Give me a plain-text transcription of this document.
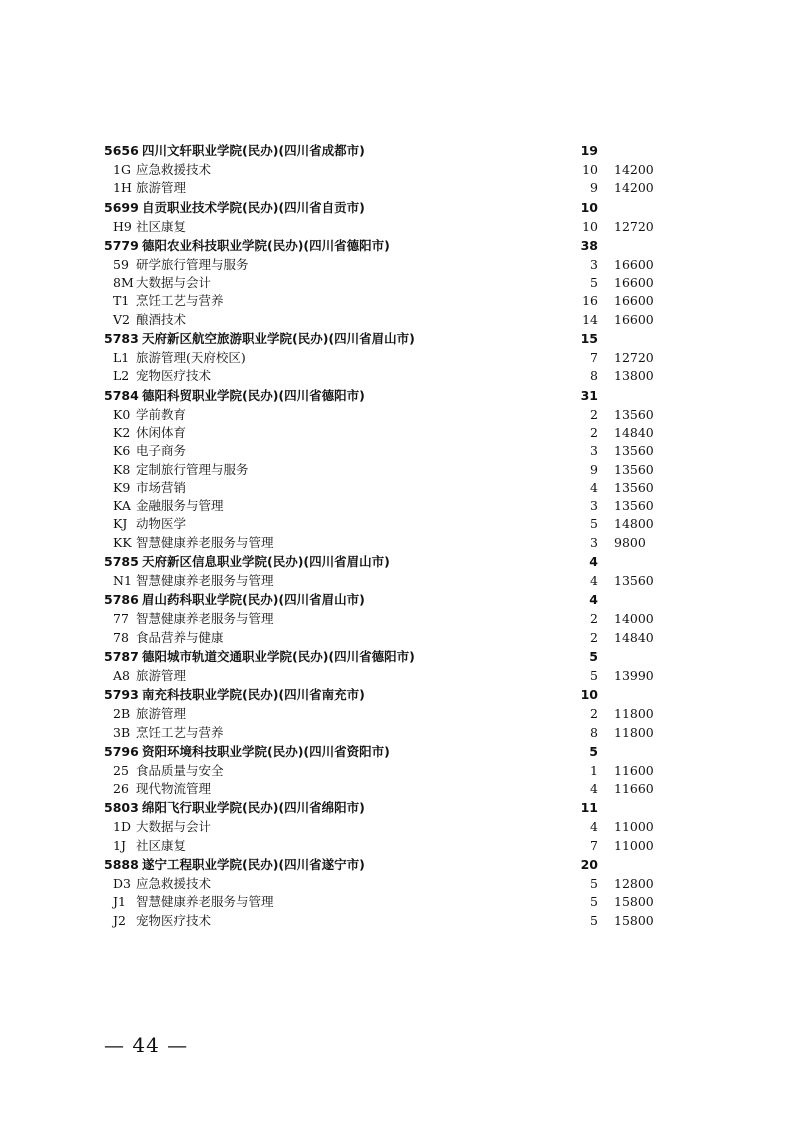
5656 四川文轩职业学院(民办)(四川省成都市)	19
1G 应急救援技术	10 14200
1H 旅游管理	9 14200
5699 自贡职业技术学院(民办)(四川省自贡市)	10
H9 社区康复	10 12720
5779 德阳农业科技职业学院(民办)(四川省德阳市)	38
59 研学旅行管理与服务	3 16600
8M 大数据与会计	5 16600
T1 烹饪工艺与营养	16 16600
V2 酿酒技术	14 16600
5783 天府新区航空旅游职业学院(民办)(四川省眉山市)	15
L1 旅游管理(天府校区)	7 12720
L2 宠物医疗技术	8 13800
5784 德阳科贸职业学院(民办)(四川省德阳市)	31
K0 学前教育	2 13560
K2 休闲体育	2 14840
K6 电子商务	3 13560
K8 定制旅行管理与服务	9 13560
K9 市场营销	4 13560
KA 金融服务与管理	3 13560
KJ 动物医学	5 14800
KK 智慧健康养老服务与管理	3 9800
5785 天府新区信息职业学院(民办)(四川省眉山市)	4
N1 智慧健康养老服务与管理	4 13560
5786 眉山药科职业学院(民办)(四川省眉山市)	4
77 智慧健康养老服务与管理	2 14000
78 食品营养与健康	2 14840
5787 德阳城市轨道交通职业学院(民办)(四川省德阳市)	5
A8 旅游管理	5 13990
5793 南充科技职业学院(民办)(四川省南充市)	10
2B 旅游管理	2 11800
3B 烹饪工艺与营养	8 11800
5796 资阳环境科技职业学院(民办)(四川省资阳市)	5
25 食品质量与安全	1 11600
26 现代物流管理	4 11660
5803 绵阳飞行职业学院(民办)(四川省绵阳市)	11
1D 大数据与会计	4 11000
1J 社区康复	7 11000
5888 遂宁工程职业学院(民办)(四川省遂宁市)	20
D3 应急救援技术	5 12800
J1 智慧健康养老服务与管理	5 15800
J2 宠物医疗技术	5 15800
— 44 —
